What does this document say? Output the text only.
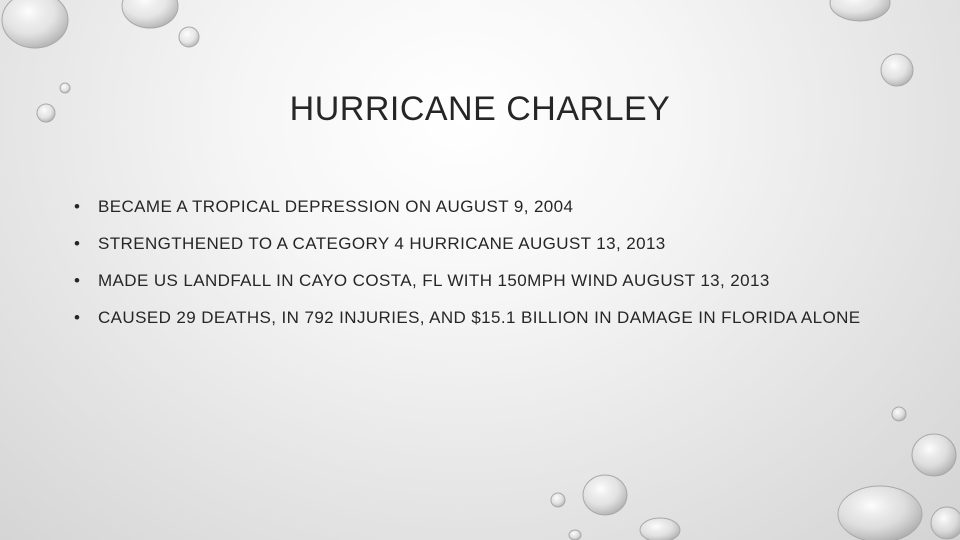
HURRICANE CHARLEY
• BECAME A TROPICAL DEPRESSION ON AUGUST 9, 2004
• STRENGTHENED TO A CATEGORY 4 HURRICANE AUGUST 13, 2013
• MADE US LANDFALL IN CAYO COSTA, FL WITH 150MPH WIND AUGUST 13, 2013
• CAUSED 29 DEATHS, IN 792 INJURIES, AND $15.1 BILLION IN DAMAGE IN FLORIDA ALONE
